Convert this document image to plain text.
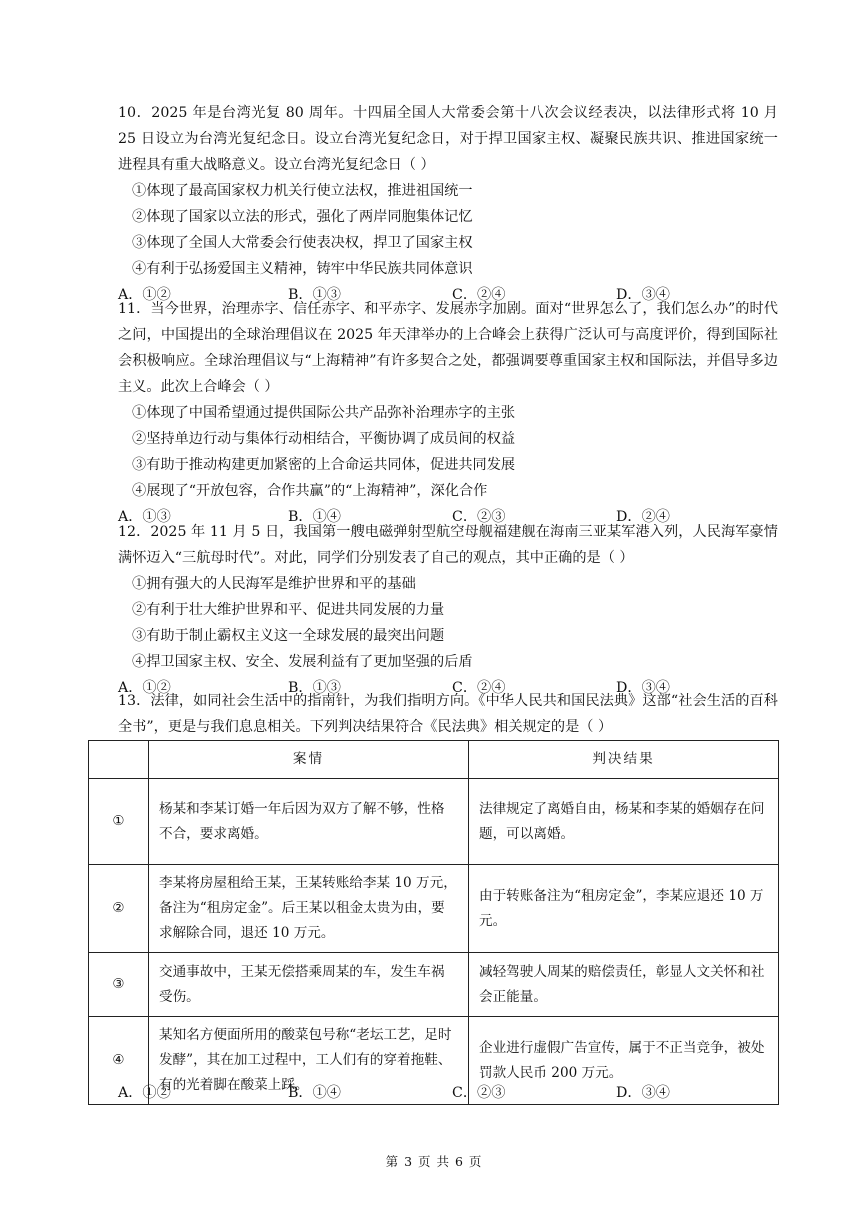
10．2025 年是台湾光复 80 周年。十四届全国人大常委会第十八次会议经表决，以法律形式将 10 月 25 日设立为台湾光复纪念日。设立台湾光复纪念日，对于捍卫国家主权、凝聚民族共识、推进国家统一进程具有重大战略意义。设立台湾光复纪念日（ ）
①体现了最高国家权力机关行使立法权，推进祖国统一
②体现了国家以立法的形式，强化了两岸同胞集体记忆
③体现了全国人大常委会行使表决权，捍卫了国家主权
④有利于弘扬爱国主义精神，铸牢中华民族共同体意识
A．①②	B．①③	C．②④	D．③④
11．当今世界，治理赤字、信任赤字、和平赤字、发展赤字加剧。面对“世界怎么了，我们怎么办”的时代之问，中国提出的全球治理倡议在 2025 年天津举办的上合峰会上获得广泛认可与高度评价，得到国际社会积极响应。全球治理倡议与“上海精神”有许多契合之处，都强调要尊重国家主权和国际法，并倡导多边主义。此次上合峰会（ ）
①体现了中国希望通过提供国际公共产品弥补治理赤字的主张
②坚持单边行动与集体行动相结合，平衡协调了成员间的权益
③有助于推动构建更加紧密的上合命运共同体，促进共同发展
④展现了“开放包容，合作共赢”的“上海精神”，深化合作
A．①③	B．①④	C．②③	D．②④
12．2025 年 11 月 5 日，我国第一艘电磁弹射型航空母舰福建舰在海南三亚某军港入列，人民海军豪情满怀迈入“三航母时代”。对此，同学们分别发表了自己的观点，其中正确的是（ ）
①拥有强大的人民海军是维护世界和平的基础
②有利于壮大维护世界和平、促进共同发展的力量
③有助于制止霸权主义这一全球发展的最突出问题
④捍卫国家主权、安全、发展利益有了更加坚强的后盾
A．①②	B．①③	C．②④	D．③④
13．法律，如同社会生活中的指南针，为我们指明方向。《中华人民共和国民法典》这部“社会生活的百科全书”，更是与我们息息相关。下列判决结果符合《民法典》相关规定的是（ ）
	案情	判决结果
①	杨某和李某订婚一年后因为双方了解不够，性格不合，要求离婚。	法律规定了离婚自由，杨某和李某的婚姻存在问题，可以离婚。
②	李某将房屋租给王某，王某转账给李某 10 万元，备注为“租房定金”。后王某以租金太贵为由，要求解除合同，退还 10 万元。	由于转账备注为“租房定金”，李某应退还 10 万元。
③	交通事故中，王某无偿搭乘周某的车，发生车祸受伤。	减轻驾驶人周某的赔偿责任，彰显人文关怀和社会正能量。
④	某知名方便面所用的酸菜包号称“老坛工艺，足时发酵”，其在加工过程中，工人们有的穿着拖鞋、有的光着脚在酸菜上踩。	企业进行虚假广告宣传，属于不正当竞争，被处罚款人民币 200 万元。
A．①②	B．①④	C．②③	D．③④
第 3 页 共 6 页
